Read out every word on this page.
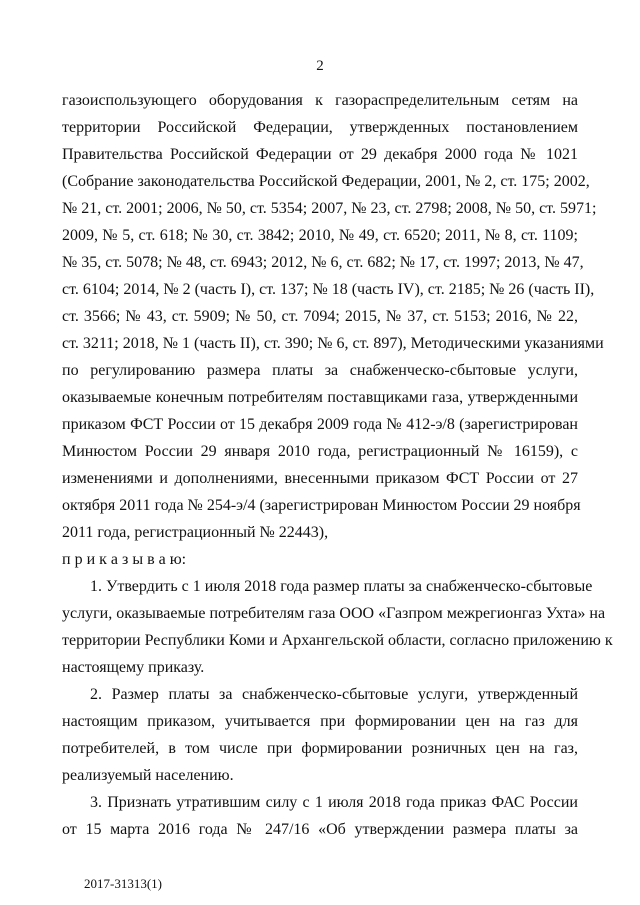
2
газоиспользующего оборудования к газораспределительным сетям на
территории Российской Федерации, утвержденных постановлением
Правительства Российской Федерации от 29 декабря 2000 года № 1021
(Собрание законодательства Российской Федерации, 2001, № 2, ст. 175; 2002,
№ 21, ст. 2001; 2006, № 50, ст. 5354; 2007, № 23, ст. 2798; 2008, № 50, ст. 5971;
2009, № 5, ст. 618; № 30, ст. 3842; 2010, № 49, ст. 6520; 2011, № 8, ст. 1109;
№ 35, ст. 5078; № 48, ст. 6943; 2012, № 6, ст. 682; № 17, ст. 1997; 2013, № 47,
ст. 6104; 2014, № 2 (часть I), ст. 137; № 18 (часть IV), ст. 2185; № 26 (часть II),
ст. 3566; № 43, ст. 5909; № 50, ст. 7094; 2015, № 37, ст. 5153; 2016, № 22,
ст. 3211; 2018, № 1 (часть II), ст. 390; № 6, ст. 897), Методическими указаниями
по регулированию размера платы за снабженческо-сбытовые услуги,
оказываемые конечным потребителям поставщиками газа, утвержденными
приказом ФСТ России от 15 декабря 2009 года № 412-э/8 (зарегистрирован
Минюстом России 29 января 2010 года, регистрационный № 16159), с
изменениями и дополнениями, внесенными приказом ФСТ России от 27
октября 2011 года № 254-э/4 (зарегистрирован Минюстом России 29 ноября
2011 года, регистрационный № 22443),
п р и к а з ы в а ю:
1. Утвердить с 1 июля 2018 года размер платы за снабженческо-сбытовые
услуги, оказываемые потребителям газа ООО «Газпром межрегионгаз Ухта» на
территории Республики Коми и Архангельской области, согласно приложению к
настоящему приказу.
2. Размер платы за снабженческо-сбытовые услуги, утвержденный
настоящим приказом, учитывается при формировании цен на газ для
потребителей, в том числе при формировании розничных цен на газ,
реализуемый населению.
3. Признать утратившим силу с 1 июля 2018 года приказ ФАС России
от 15 марта 2016 года № 247/16 «Об утверждении размера платы за
2017-31313(1)
